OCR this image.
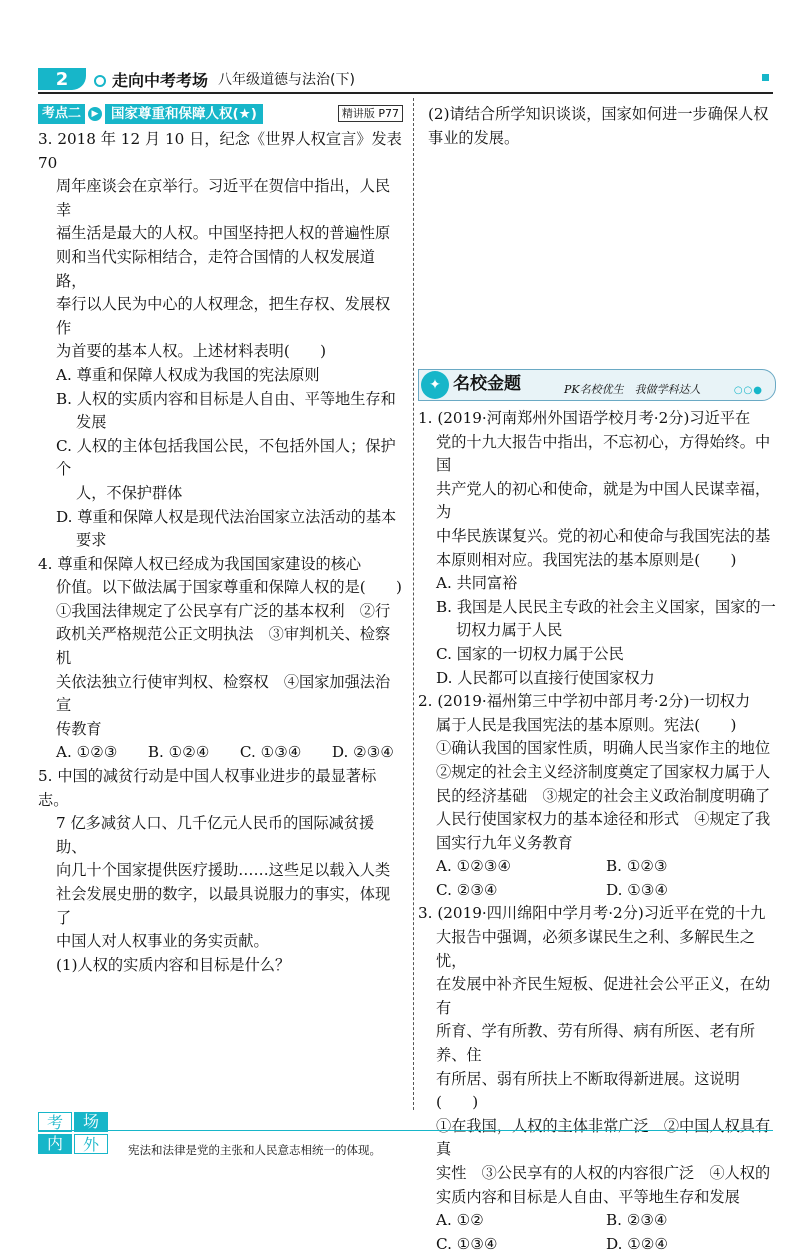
2	走向中考考场 八年级道德与法治(下)
考点二	▶ 国家尊重和保障人权(★)	精讲版 P77

3. 2018 年 12 月 10 日，纪念《世界人权宣言》发表 70

周年座谈会在京举行。习近平在贺信中指出，人民幸

福生活是最大的人权。中国坚持把人权的普遍性原

则和当代实际相结合，走符合国情的人权发展道路，

奉行以人民为中心的人权理念，把生存权、发展权作

为首要的基本人权。上述材料表明(　　)

A. 尊重和保障人权成为我国的宪法原则

B. 人权的实质内容和目标是人自由、平等地生存和

发展

C. 人权的主体包括我国公民，不包括外国人；保护个

人，不保护群体

D. 尊重和保障人权是现代法治国家立法活动的基本

要求

4. 尊重和保障人权已经成为我国国家建设的核心

价值。以下做法属于国家尊重和保障人权的是(　　)

①我国法律规定了公民享有广泛的基本权利　②行

政机关严格规范公正文明执法　③审判机关、检察机

关依法独立行使审判权、检察权　④国家加强法治宣

传教育

A. ①②③　　B. ①②④　　C. ①③④　　D. ②③④

5. 中国的减贫行动是中国人权事业进步的最显著标志。

7 亿多减贫人口、几千亿元人民币的国际减贫援助、

向几十个国家提供医疗援助……这些足以载入人类

社会发展史册的数字，以最具说服力的事实，体现了

中国人对人权事业的务实贡献。

(1)人权的实质内容和目标是什么？

(2)请结合所学知识谈谈，国家如何进一步确保人权

事业的发展。

✦ 名校金题	PK名校优生　我做学科达人	○○●

1. (2019·河南郑州外国语学校月考·2分)习近平在

党的十九大报告中指出，不忘初心，方得始终。中国

共产党人的初心和使命，就是为中国人民谋幸福，为

中华民族谋复兴。党的初心和使命与我国宪法的基

本原则相对应。我国宪法的基本原则是(　　)

A. 共同富裕

B. 我国是人民民主专政的社会主义国家，国家的一

切权力属于人民

C. 国家的一切权力属于公民

D. 人民都可以直接行使国家权力

2. (2019·福州第三中学初中部月考·2分)一切权力

属于人民是我国宪法的基本原则。宪法(　　)

①确认我国的国家性质，明确人民当家作主的地位

②规定的社会主义经济制度奠定了国家权力属于人

民的经济基础　③规定的社会主义政治制度明确了

人民行使国家权力的基本途径和形式　④规定了我

国实行九年义务教育

A. ①②③④	B. ①②③
C. ②③④	D. ①③④

3. (2019·四川绵阳中学月考·2分)习近平在党的十九

大报告中强调，必须多谋民生之利、多解民生之忧，

在发展中补齐民生短板、促进社会公平正义，在幼有

所育、学有所教、劳有所得、病有所医、老有所养、住

有所居、弱有所扶上不断取得新进展。这说明(　　)

①在我国，人权的主体非常广泛　②中国人权具有真

实性　③公民享有的人权的内容很广泛　④人权的

实质内容和目标是人自由、平等地生存和发展

A. ①②	B. ②③④
C. ①③④	D. ①②④
考	场
内	外	宪法和法律是党的主张和人民意志相统一的体现。
